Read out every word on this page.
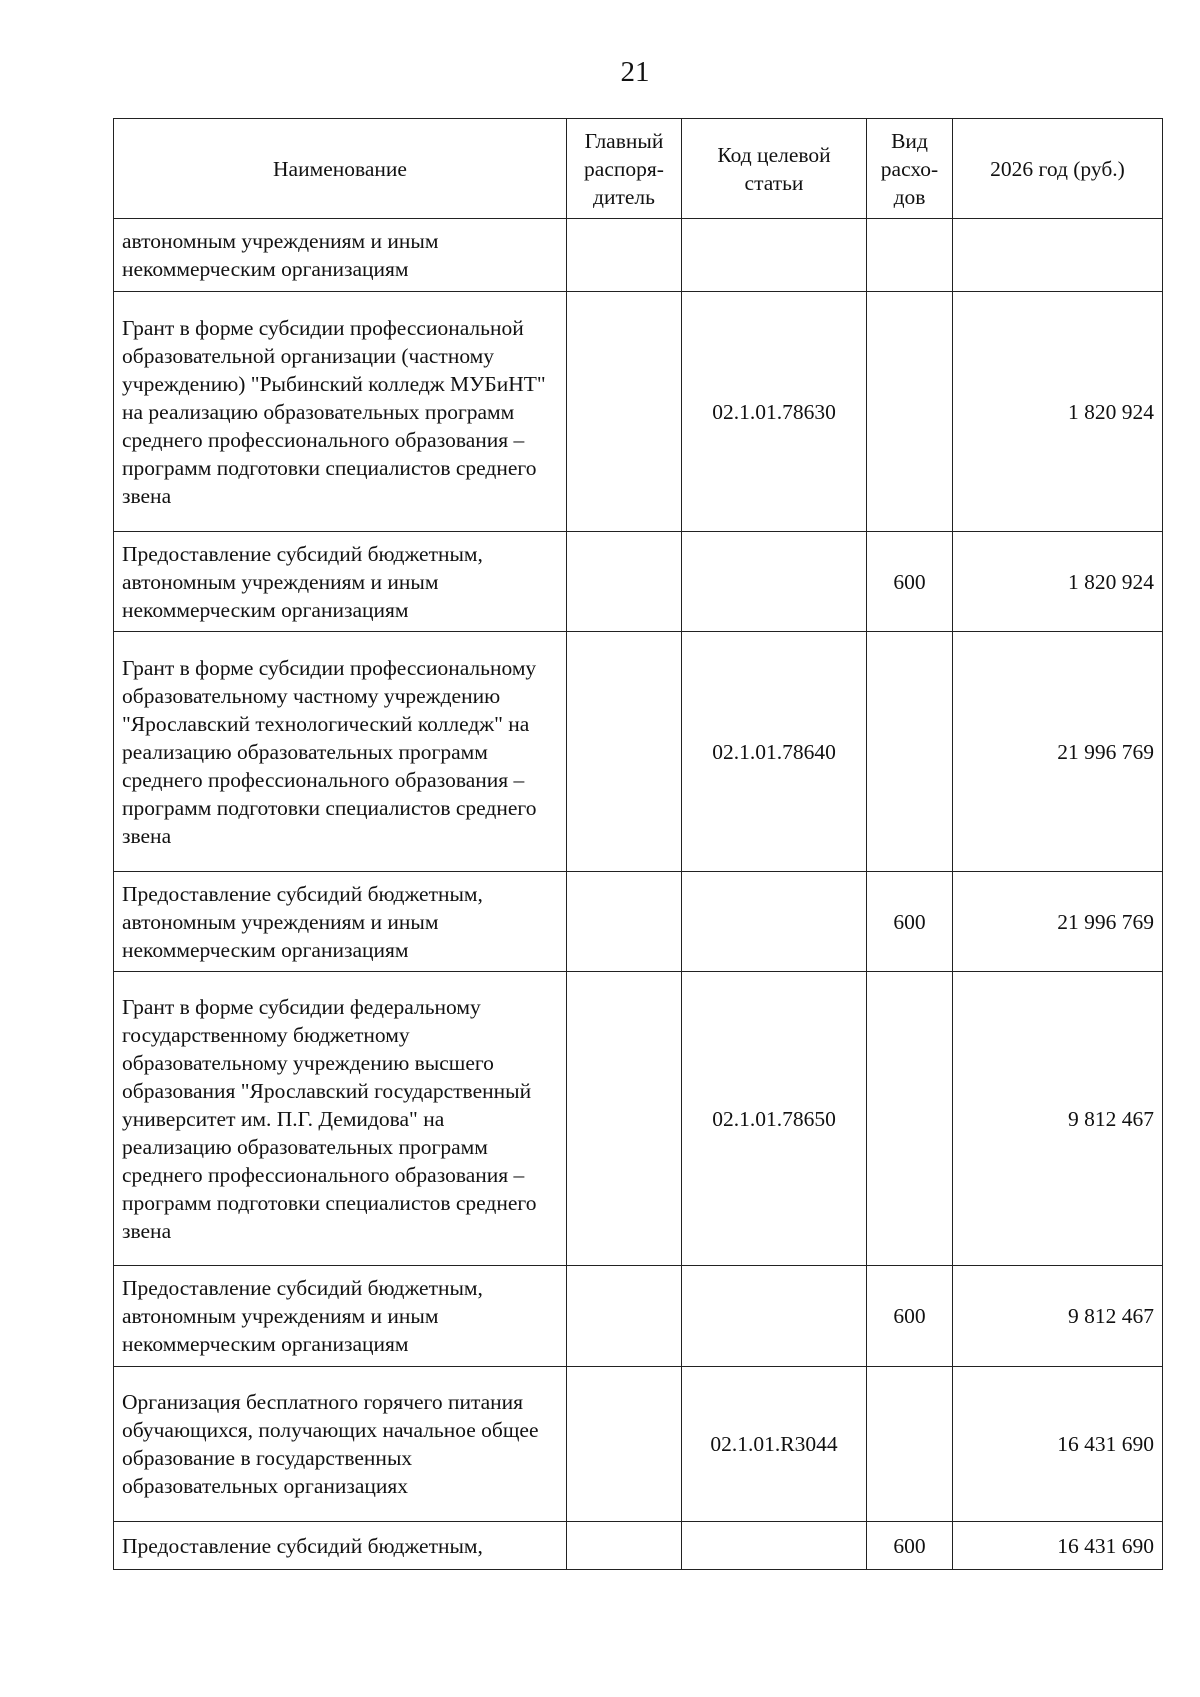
21
Наименование	Главный распоря-дитель	Код целевой статьи	Вид расхо-дов	2026 год (руб.)
автономным учреждениям и иным некоммерческим организациям				
Грант в форме субсидии профессиональной образовательной организации (частному учреждению) "Рыбинский колледж МУБиНТ" на реализацию образовательных программ среднего профессионального образования – программ подготовки специалистов среднего звена		02.1.01.78630		1 820 924
Предоставление субсидий бюджетным, автономным учреждениям и иным некоммерческим организациям			600	1 820 924
Грант в форме субсидии профессиональному образовательному частному учреждению "Ярославский технологический колледж" на реализацию образовательных программ среднего профессионального образования – программ подготовки специалистов среднего звена		02.1.01.78640		21 996 769
Предоставление субсидий бюджетным, автономным учреждениям и иным некоммерческим организациям			600	21 996 769
Грант в форме субсидии федеральному государственному бюджетному образовательному учреждению высшего образования "Ярославский государственный университет им. П.Г. Демидова" на реализацию образовательных программ среднего профессионального образования – программ подготовки специалистов среднего звена		02.1.01.78650		9 812 467
Предоставление субсидий бюджетным, автономным учреждениям и иным некоммерческим организациям			600	9 812 467
Организация бесплатного горячего питания обучающихся, получающих начальное общее образование в государственных образовательных организациях		02.1.01.R3044		16 431 690
Предоставление субсидий бюджетным,			600	16 431 690
